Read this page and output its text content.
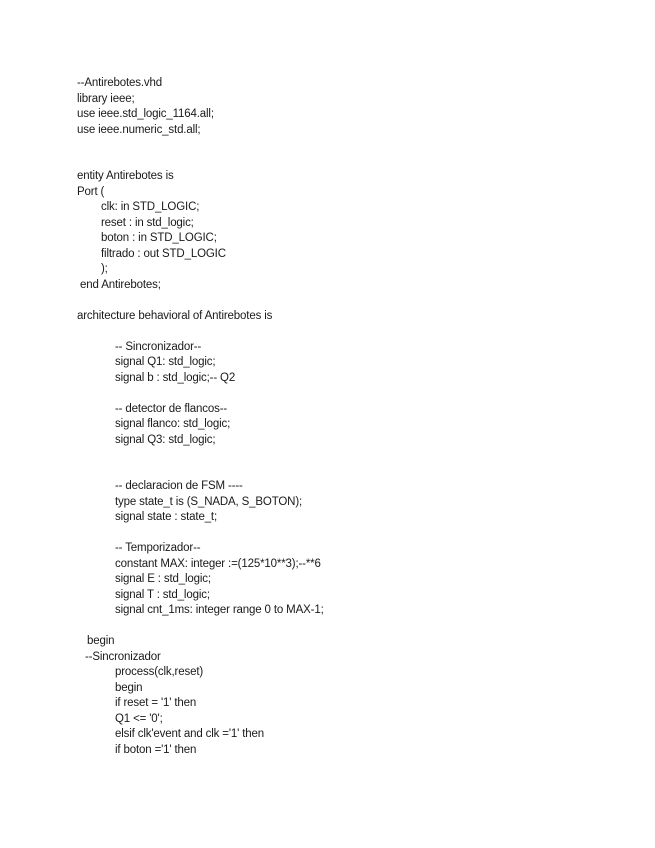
--Antirebotes.vhd
library ieee;
use ieee.std_logic_1164.all;
use ieee.numeric_std.all;
entity Antirebotes is
Port (
clk: in STD_LOGIC;
reset : in std_logic;
boton : in STD_LOGIC;
filtrado : out STD_LOGIC
);
end Antirebotes;
architecture behavioral of Antirebotes is
-- Sincronizador--
signal Q1: std_logic;
signal b : std_logic;-- Q2
-- detector de flancos--
signal flanco: std_logic;
signal Q3: std_logic;
-- declaracion de FSM ----
type state_t is (S_NADA, S_BOTON);
signal state : state_t;
-- Temporizador--
constant MAX: integer :=(125*10**3);--**6
signal E : std_logic;
signal T : std_logic;
signal cnt_1ms: integer range 0 to MAX-1;
begin
--Sincronizador
process(clk,reset)
begin
if reset = '1' then
Q1 <= '0';
elsif clk'event and clk ='1' then
if boton ='1' then
